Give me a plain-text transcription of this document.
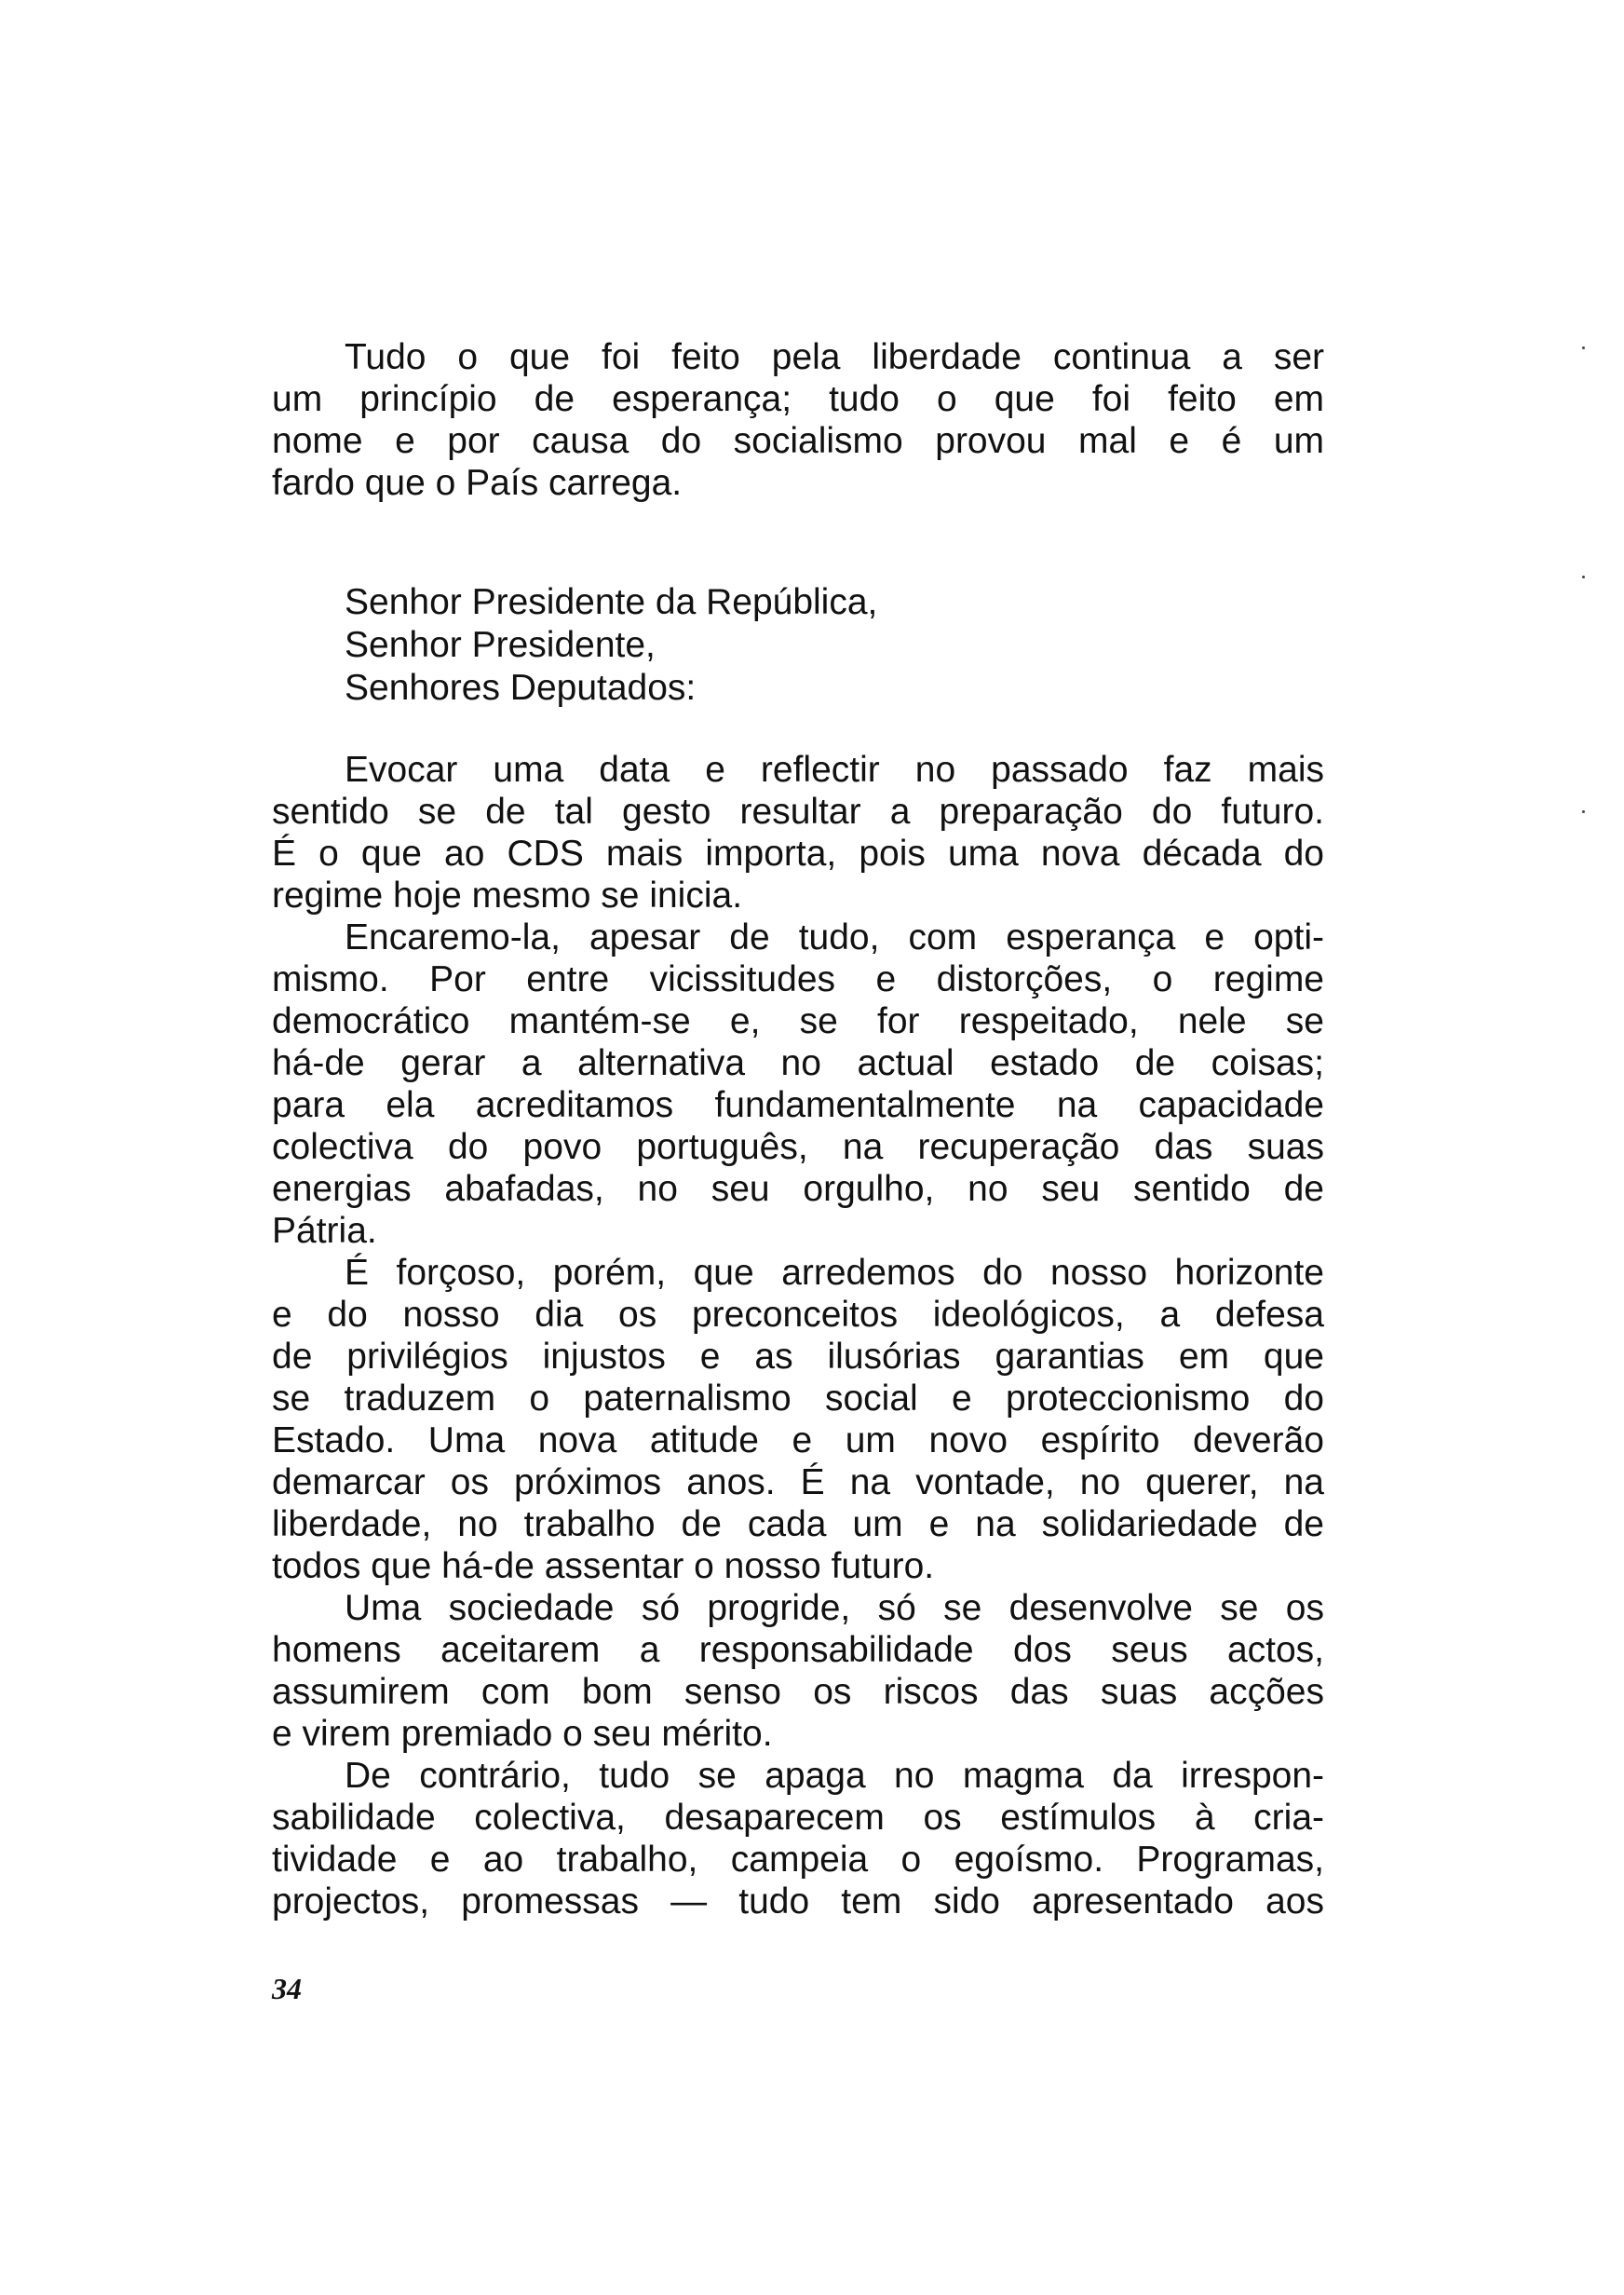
Tudo o que foi feito pela liberdade continua a ser
um princípio de esperança; tudo o que foi feito em
nome e por causa do socialismo provou mal e é um
fardo que o País carrega.
Senhor Presidente da República,
Senhor Presidente,
Senhores Deputados:
Evocar uma data e reflectir no passado faz mais
sentido se de tal gesto resultar a preparação do futuro.
É o que ao CDS mais importa, pois uma nova década do
regime hoje mesmo se inicia.
Encaremo-la, apesar de tudo, com esperança e opti-
mismo. Por entre vicissitudes e distorções, o regime
democrático mantém-se e, se for respeitado, nele se
há-de gerar a alternativa no actual estado de coisas;
para ela acreditamos fundamentalmente na capacidade
colectiva do povo português, na recuperação das suas
energias abafadas, no seu orgulho, no seu sentido de
Pátria.
É forçoso, porém, que arredemos do nosso horizonte
e do nosso dia os preconceitos ideológicos, a defesa
de privilégios injustos e as ilusórias garantias em que
se traduzem o paternalismo social e proteccionismo do
Estado. Uma nova atitude e um novo espírito deverão
demarcar os próximos anos. É na vontade, no querer, na
liberdade, no trabalho de cada um e na solidariedade de
todos que há-de assentar o nosso futuro.
Uma sociedade só progride, só se desenvolve se os
homens aceitarem a responsabilidade dos seus actos,
assumirem com bom senso os riscos das suas acções
e virem premiado o seu mérito.
De contrário, tudo se apaga no magma da irrespon-
sabilidade colectiva, desaparecem os estímulos à cria-
tividade e ao trabalho, campeia o egoísmo. Programas,
projectos, promessas — tudo tem sido apresentado aos
34
